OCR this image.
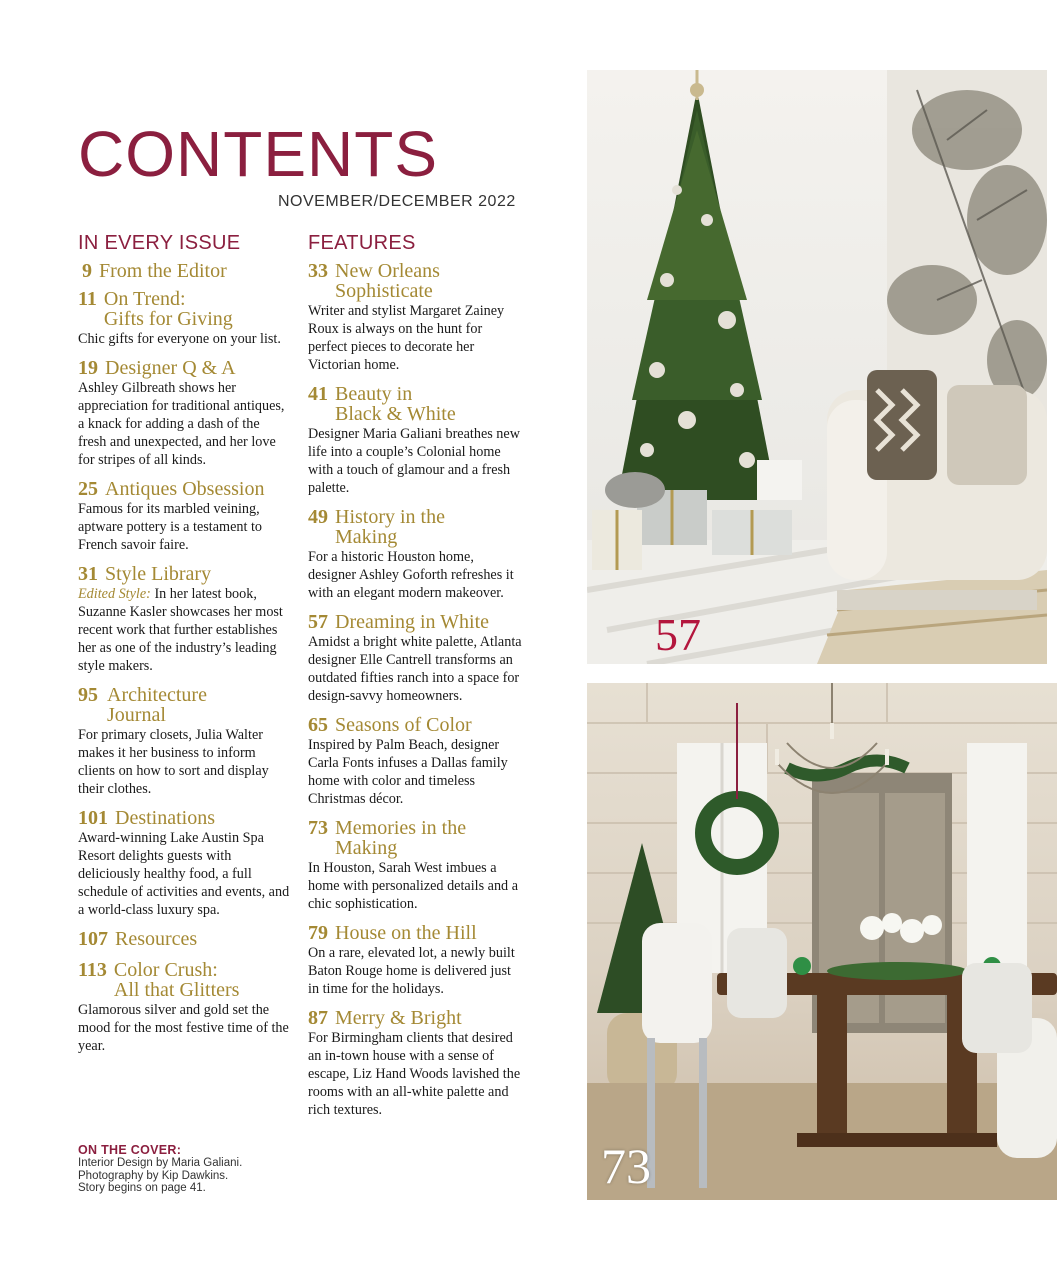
CONTENTS
NOVEMBER/DECEMBER 2022
IN EVERY ISSUE
9 From the Editor
11 On Trend:
Gifts for Giving
Chic gifts for everyone on your list.
19 Designer Q & A
Ashley Gilbreath shows her appreciation for traditional antiques, a knack for adding a dash of the fresh and unexpected, and her love for stripes of all kinds.
25 Antiques Obsession
Famous for its marbled veining, aptware pottery is a testament to French savoir faire.
31 Style Library
Edited Style: In her latest book, Suzanne Kasler showcases her most recent work that further establishes her as one of the industry’s leading style makers.
95 Architecture
Journal
For primary closets, Julia Walter makes it her business to inform clients on how to sort and display their clothes.
101 Destinations
Award-winning Lake Austin Spa Resort delights guests with deliciously healthy food, a full schedule of activities and events, and a world-class luxury spa.
107 Resources
113 Color Crush:
All that Glitters
Glamorous silver and gold set the mood for the most festive time of the year.
FEATURES
33 New Orleans
Sophisticate
Writer and stylist Margaret Zainey Roux is always on the hunt for perfect pieces to decorate her Victorian home.
41 Beauty in
Black & White
Designer Maria Galiani breathes new life into a couple’s Colonial home with a touch of glamour and a fresh palette.
49 History in the
Making
For a historic Houston home, designer Ashley Goforth refreshes it with an elegant modern makeover.
57 Dreaming in White
Amidst a bright white palette, Atlanta designer Elle Cantrell transforms an outdated fifties ranch into a space for design-savvy homeowners.
65 Seasons of Color
Inspired by Palm Beach, designer Carla Fonts infuses a Dallas family home with color and timeless Christmas décor.
73 Memories in the
Making
In Houston, Sarah West imbues a home with personalized details and a chic sophistication.
79 House on the Hill
On a rare, elevated lot, a newly built Baton Rouge home is delivered just in time for the holidays.
87 Merry & Bright
For Birmingham clients that desired an in-town house with a sense of escape, Liz Hand Woods lavished the rooms with an all-white palette and rich textures.
ON THE COVER:
Interior Design by Maria Galiani.
Photography by Kip Dawkins.
Story begins on page 41.
57
73
